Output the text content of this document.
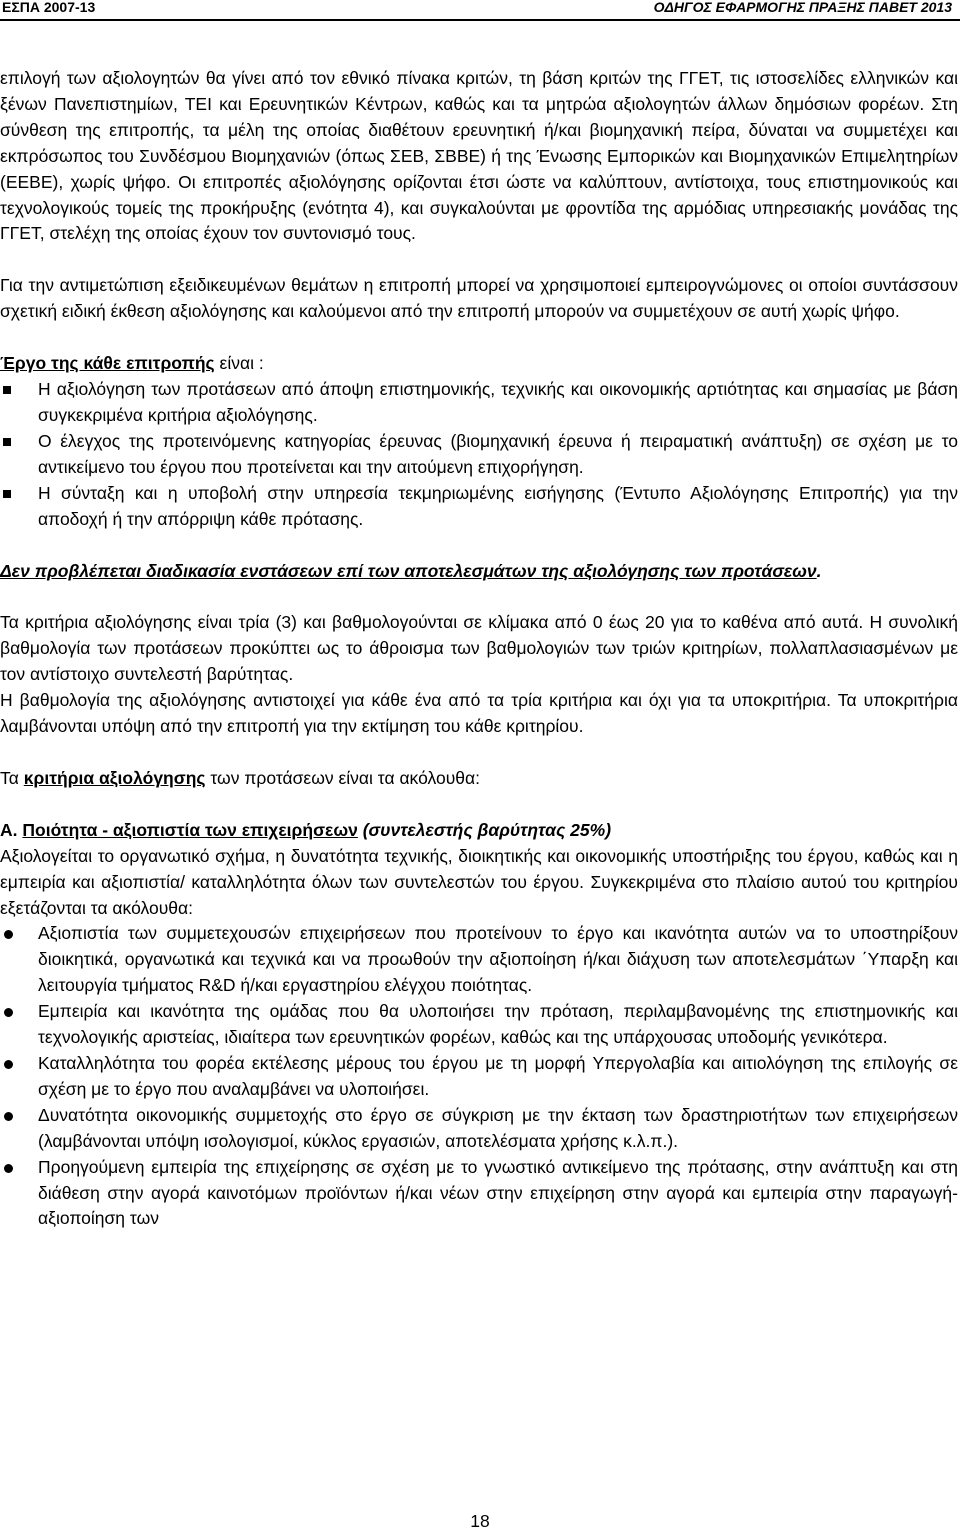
ΕΣΠΑ 2007-13	ΟΔΗΓΟΣ ΕΦΑΡΜΟΓΗΣ ΠΡΑΞΗΣ ΠΑΒΕΤ 2013

επιλογή των αξιολογητών θα γίνει από τον εθνικό πίνακα κριτών, τη βάση κριτών της ΓΓΕΤ, τις ιστοσελίδες ελληνικών και ξένων Πανεπιστημίων, ΤΕΙ και Ερευνητικών Κέντρων, καθώς και τα μητρώα αξιολογητών άλλων δημόσιων φορέων. Στη σύνθεση της επιτροπής, τα μέλη της οποίας διαθέτουν ερευνητική ή/και βιομηχανική πείρα, δύναται να συμμετέχει και εκπρόσωπος του Συνδέσμου Βιομηχανιών (όπως ΣΕΒ, ΣΒΒΕ) ή της Ένωσης Εμπορικών και Βιομηχανικών Επιμελητηρίων (ΕΕΒΕ), χωρίς ψήφο. Οι επιτροπές αξιολόγησης ορίζονται έτσι ώστε να καλύπτουν, αντίστοιχα, τους επιστημονικούς και τεχνολογικούς τομείς της προκήρυξης (ενότητα 4), και συγκαλούνται με φροντίδα της αρμόδιας υπηρεσιακής μονάδας της ΓΓΕΤ, στελέχη της οποίας έχουν τον συντονισμό τους.

Για την αντιμετώπιση εξειδικευμένων θεμάτων η επιτροπή μπορεί να χρησιμοποιεί εμπειρογνώμονες οι οποίοι συντάσσουν σχετική ειδική έκθεση αξιολόγησης και καλούμενοι από την επιτροπή μπορούν να συμμετέχουν σε αυτή χωρίς ψήφο.

Έργο της κάθε επιτροπής είναι :

Η αξιολόγηση των προτάσεων από άποψη επιστημονικής, τεχνικής και οικονομικής αρτιότητας και σημασίας με βάση συγκεκριμένα κριτήρια αξιολόγησης.
Ο έλεγχος της προτεινόμενης κατηγορίας έρευνας (βιομηχανική έρευνα ή πειραματική ανάπτυξη) σε σχέση με το αντικείμενο του έργου που προτείνεται και την αιτούμενη επιχορήγηση.
Η σύνταξη και η υποβολή στην υπηρεσία τεκμηριωμένης εισήγησης (Έντυπο Αξιολόγησης Επιτροπής) για την αποδοχή ή την απόρριψη κάθε πρότασης.

Δεν προβλέπεται διαδικασία ενστάσεων επί των αποτελεσμάτων της αξιολόγησης των προτάσεων.

Τα κριτήρια αξιολόγησης είναι τρία (3) και βαθμολογούνται σε κλίμακα από 0 έως 20 για το καθένα από αυτά. Η συνολική βαθμολογία των προτάσεων προκύπτει ως το άθροισμα των βαθμολογιών των τριών κριτηρίων, πολλαπλασιασμένων με τον αντίστοιχο συντελεστή βαρύτητας.

Η βαθμολογία της αξιολόγησης αντιστοιχεί για κάθε ένα από τα τρία κριτήρια και όχι για τα υποκριτήρια. Τα υποκριτήρια λαμβάνονται υπόψη από την επιτροπή για την εκτίμηση του κάθε κριτηρίου.

Τα κριτήρια αξιολόγησης των προτάσεων είναι τα ακόλουθα:

Α. Ποιότητα - αξιοπιστία των επιχειρήσεων (συντελεστής βαρύτητας 25%)

Αξιολογείται το οργανωτικό σχήμα, η δυνατότητα τεχνικής, διοικητικής και οικονομικής υποστήριξης του έργου, καθώς και η εμπειρία και αξιοπιστία/ καταλληλότητα όλων των συντελεστών του έργου. Συγκεκριμένα στο πλαίσιο αυτού του κριτηρίου εξετάζονται τα ακόλουθα:

Αξιοπιστία των συμμετεχουσών επιχειρήσεων που προτείνουν το έργο και ικανότητα αυτών να το υποστηρίξουν διοικητικά, οργανωτικά και τεχνικά και να προωθούν την αξιοποίηση ή/και διάχυση των αποτελεσμάτων ΄Υπαρξη και λειτουργία τμήματος R&D ή/και εργαστηρίου ελέγχου ποιότητας.
Εμπειρία και ικανότητα της ομάδας που θα υλοποιήσει την πρόταση, περιλαμβανομένης της επιστημονικής και τεχνολογικής αριστείας, ιδιαίτερα των ερευνητικών φορέων, καθώς και της υπάρχουσας υποδομής γενικότερα.
Καταλληλότητα του φορέα εκτέλεσης μέρους του έργου με τη μορφή Υπεργολαβία και αιτιολόγηση της επιλογής σε σχέση με το έργο που αναλαμβάνει να υλοποιήσει.
Δυνατότητα οικονομικής συμμετοχής στο έργο σε σύγκριση με την έκταση των δραστηριοτήτων των επιχειρήσεων (λαμβάνονται υπόψη ισολογισμοί, κύκλος εργασιών, αποτελέσματα χρήσης κ.λ.π.).
Προηγούμενη εμπειρία της επιχείρησης σε σχέση με το γνωστικό αντικείμενο της πρότασης, στην ανάπτυξη και στη διάθεση στην αγορά καινοτόμων προϊόντων ή/και νέων στην επιχείρηση στην αγορά και εμπειρία στην παραγωγή-αξιοποίηση των
18
